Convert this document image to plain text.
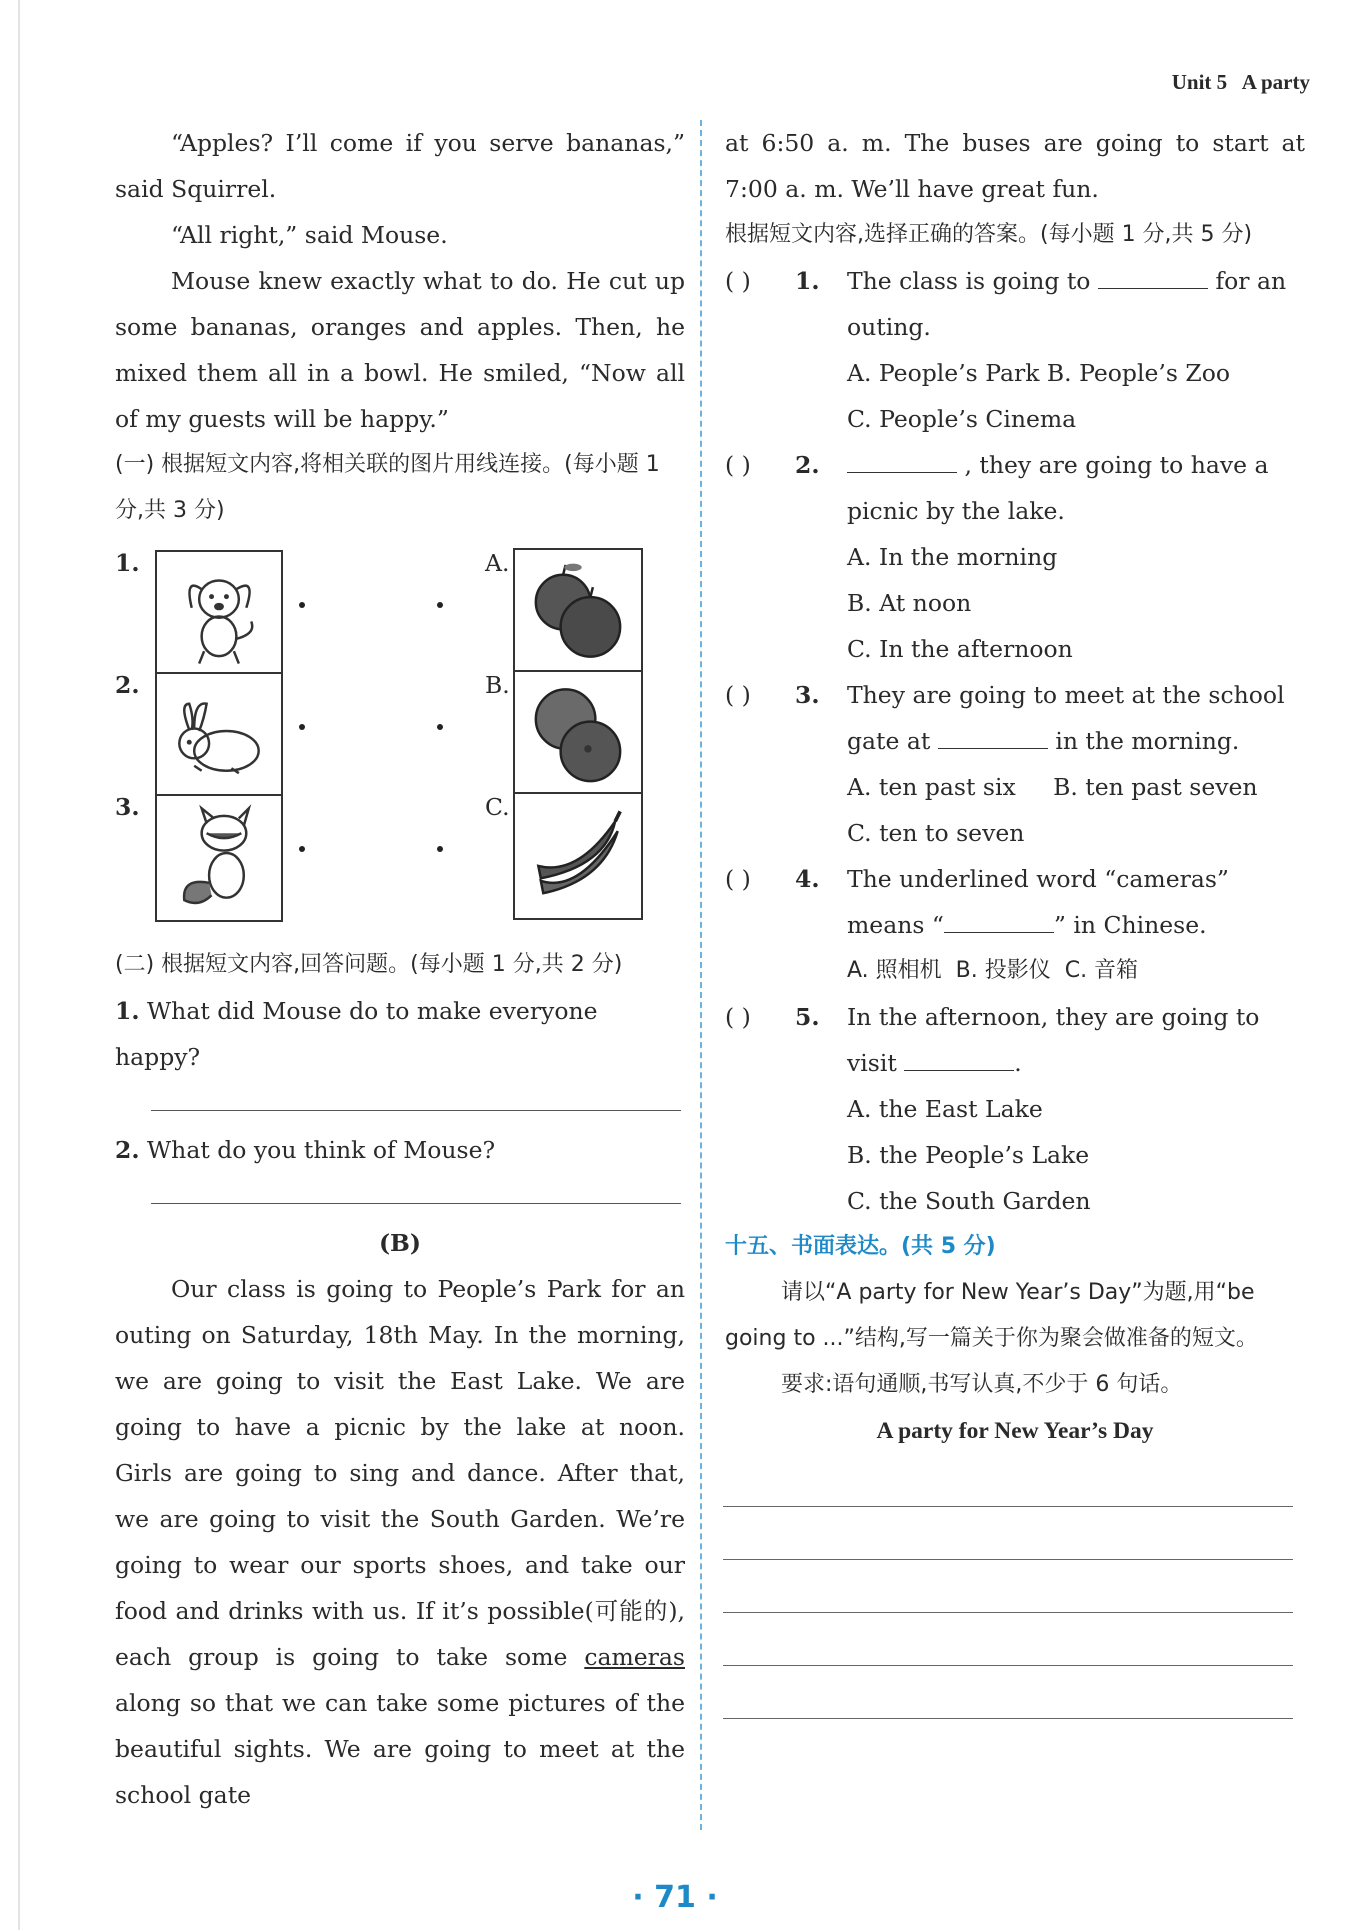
Unit 5 A party

“Apples? I’ll come if you serve bananas,” said Squirrel.

“All right,” said Mouse.

Mouse knew exactly what to do. He cut up some bananas, oranges and apples. Then, he mixed them all in a bowl. He smiled, “Now all of my guests will be happy.”

(一) 根据短文内容,将相关联的图片用线连接。(每小题 1 分,共 3 分)

1.	A.
2.	B.
3.	C.

(二) 根据短文内容,回答问题。(每小题 1 分,共 2 分)

1. What did Mouse do to make everyone happy?

2. What do you think of Mouse?

(B)

Our class is going to People’s Park for an outing on Saturday, 18th May. In the morning, we are going to visit the East Lake. We are going to have a picnic by the lake at noon. Girls are going to sing and dance. After that, we are going to visit the South Garden. We’re going to wear our sports shoes, and take our food and drinks with us. If it’s possible(可能的), each group is going to take some cameras along so that we can take some pictures of the beautiful sights. We are going to meet at the school gate

at 6:50 a. m. The buses are going to start at 7:00 a. m. We’ll have great fun.

根据短文内容,选择正确的答案。(每小题 1 分,共 5 分)

( ) 1. The class is going to	for an outing.

A. People’s Park B. People’s Zoo

C. People’s Cinema

( ) 2.	, they are going to have a picnic by the lake.

A. In the morning

B. At noon

C. In the afternoon

( ) 3. They are going to meet at the school gate at	in the morning.

A. ten past six     B. ten past seven

C. ten to seven

( ) 4. The underlined word “cameras” means “	” in Chinese.

A. 照相机  B. 投影仪  C. 音箱

( ) 5. In the afternoon, they are going to visit	.

A. the East Lake

B. the People’s Lake

C. the South Garden

十五、书面表达。(共 5 分)

请以“A party for New Year’s Day”为题,用“be going to ...”结构,写一篇关于你为聚会做准备的短文。

要求:语句通顺,书写认真,不少于 6 句话。

A party for New Year’s Day

· 71 ·
